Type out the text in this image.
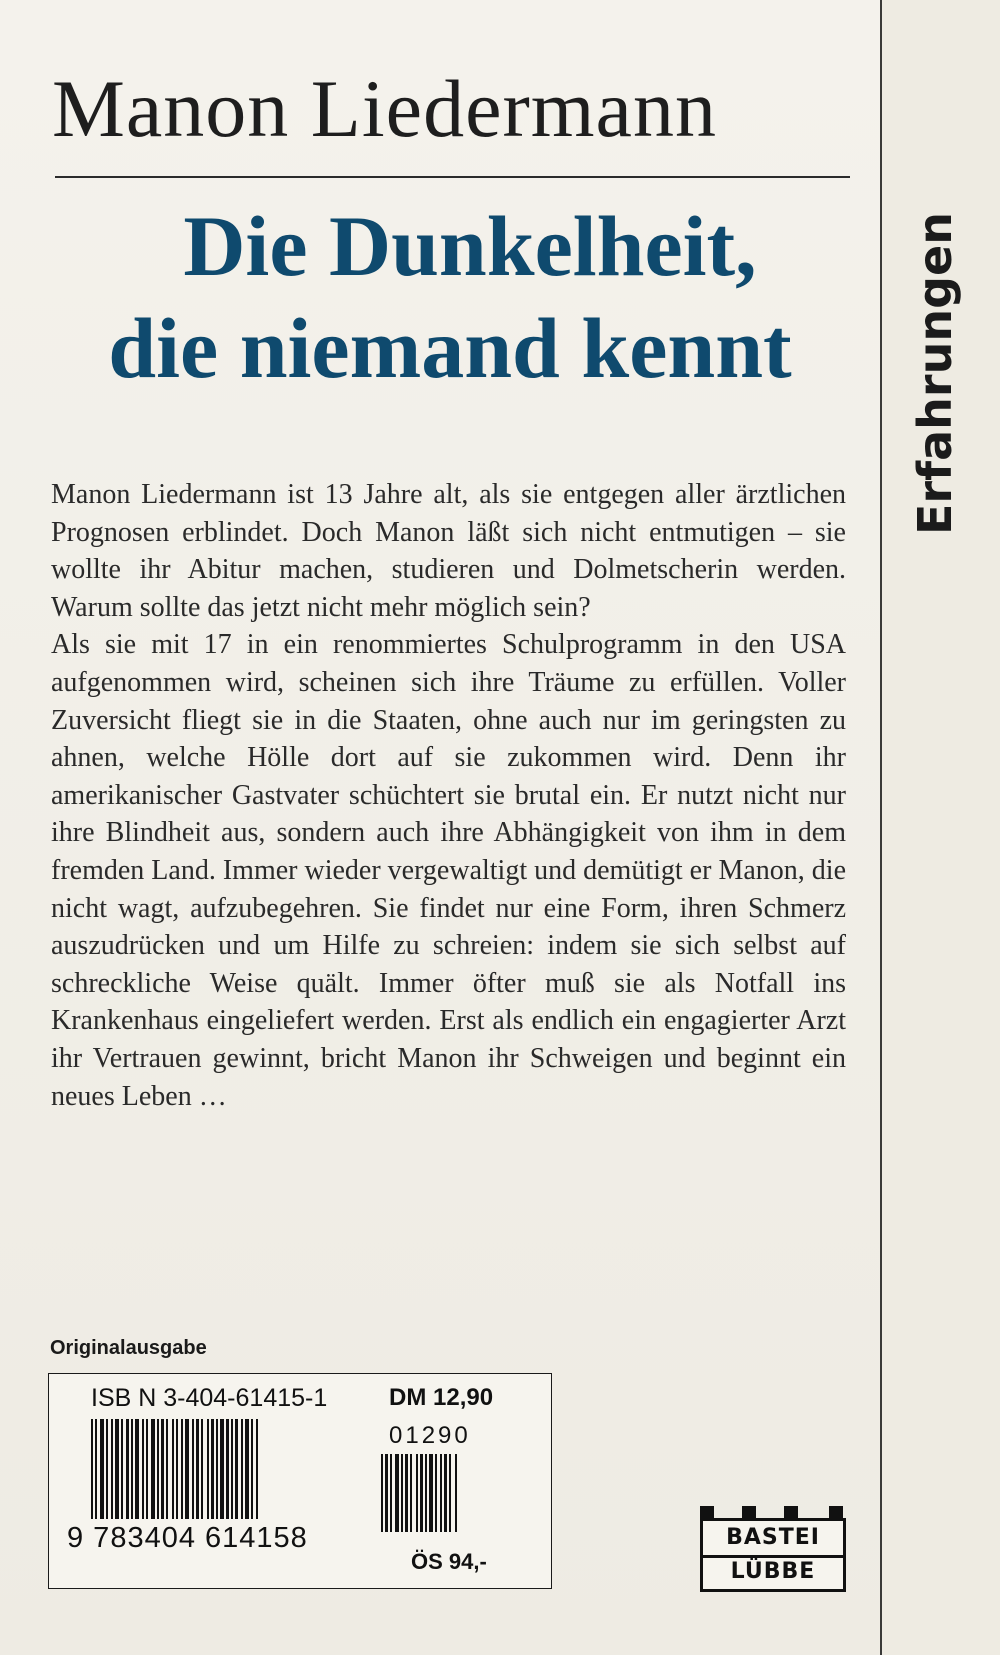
Manon Liedermann
Die Dunkelheit,
die niemand kennt

Manon Liedermann ist 13 Jahre alt, als sie entgegen aller ärztlichen Prognosen erblindet. Doch Manon läßt sich nicht entmutigen – sie wollte ihr Abitur machen, studieren und Dolmetscherin werden. Warum sollte das jetzt nicht mehr möglich sein?

Als sie mit 17 in ein renommiertes Schulprogramm in den USA aufgenommen wird, scheinen sich ihre Träume zu erfüllen. Voller Zuversicht fliegt sie in die Staaten, ohne auch nur im geringsten zu ahnen, welche Hölle dort auf sie zukommen wird. Denn ihr amerikanischer Gastvater schüchtert sie brutal ein. Er nutzt nicht nur ihre Blindheit aus, sondern auch ihre Abhängigkeit von ihm in dem fremden Land. Immer wieder vergewaltigt und demütigt er Manon, die nicht wagt, aufzubegehren. Sie findet nur eine Form, ihren Schmerz auszudrücken und um Hilfe zu schreien: indem sie sich selbst auf schreckliche Weise quält. Immer öfter muß sie als Notfall ins Krankenhaus eingeliefert werden. Erst als endlich ein engagierter Arzt ihr Vertrauen gewinnt, bricht Manon ihr Schweigen und beginnt ein neues Leben …

Originalausgabe
ISB N 3-404-61415-1	DM 12,90
01290
9 783404 614158
ÖS 94,-
BASTEI
LÜBBE
Erfahrungen
